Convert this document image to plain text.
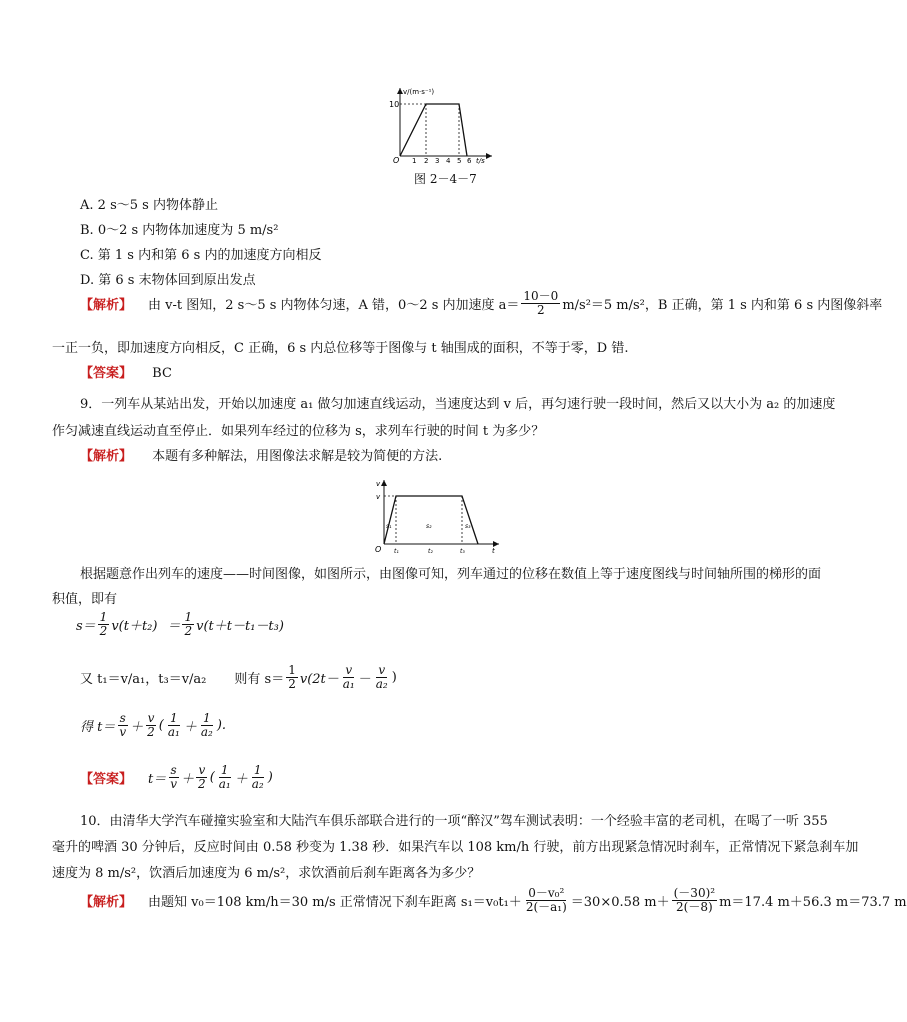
v/(m·s⁻¹)
10
O 1 2 3 4 5 6 t/s
图 2－4－7
A. 2 s～5 s 内物体静止
B. 0～2 s 内物体加速度为 5 m/s²
C. 第 1 s 内和第 6 s 内的加速度方向相反
D. 第 6 s 末物体回到原出发点
【解析】 由 v-t 图知，2 s～5 s 内物体匀速，A 错，0～2 s 内加速度 $a= \frac{10-0}{2} m/s^2=5$ m/s²，B 正确，第 1 s 内和第 6 s 内图像斜率
一正一负，即加速度方向相反，C 正确，6 s 内总位移等于图像与 t 轴围成的面积，不等于零，D 错.
【答案】 BC
9．一列车从某站出发，开始以加速度 a₁ 做匀加速直线运动，当速度达到 v 后，再匀速行驶一段时间，然后又以大小为 a₂ 的加速度
作匀减速直线运动直至停止．如果列车经过的位移为 s，求列车行驶的时间 t 为多少？
【解析】 本题有多种解法，用图像法求解是较为简便的方法.
v
v
O
s₁	s₂	s₃
t₁	t₂	t₃	t
根据题意作出列车的速度——时间图像，如图所示，由图像可知，列车通过的位移在数值上等于速度图线与时间轴所围的梯形的面
积值，即有
$s= \frac{1}{2} v(t+t_2) = \frac{1}{2} v(t+t-t_1-t_3)$
又 t₁＝v/a₁，t₃＝v/a₂ 则有 $s= \frac{1}{2} v(2t- \frac{v}{\text{a₁}} - \frac{v}{\text{a₂}}$ )
得 $t= \frac{s}{v} + \frac{v}{2}$ ( $\frac{1}{\text{a₁}} + \frac{1}{\text{a₂}}$ ).
【答案】 $t= \frac{s}{v} + \frac{v}{2}$ ( $\frac{1}{\text{a₁}} + \frac{1}{\text{a₂}}$ )
10．由清华大学汽车碰撞实验室和大陆汽车俱乐部联合进行的一项“醉汉”驾车测试表明：一个经验丰富的老司机，在喝了一听 355
毫升的啤酒 30 分钟后，反应时间由 0.58 秒变为 1.38 秒．如果汽车以 108 km/h 行驶，前方出现紧急情况时刹车，正常情况下紧急刹车加
速度为 8 m/s²，饮酒后加速度为 6 m/s²，求饮酒前后刹车距离各为多少？
【解析】 由题知 v₀＝108 km/h＝30 m/s 正常情况下刹车距离 $s_1=v_0t_1+ \frac{\text{0－v₀²}}{\text{2(－a₁)}} =30\times 0.58$ $m+ \frac{\text{(－30)²}}{2(-8)} m=17.4$ m＋56.3 m＝73.7 m
